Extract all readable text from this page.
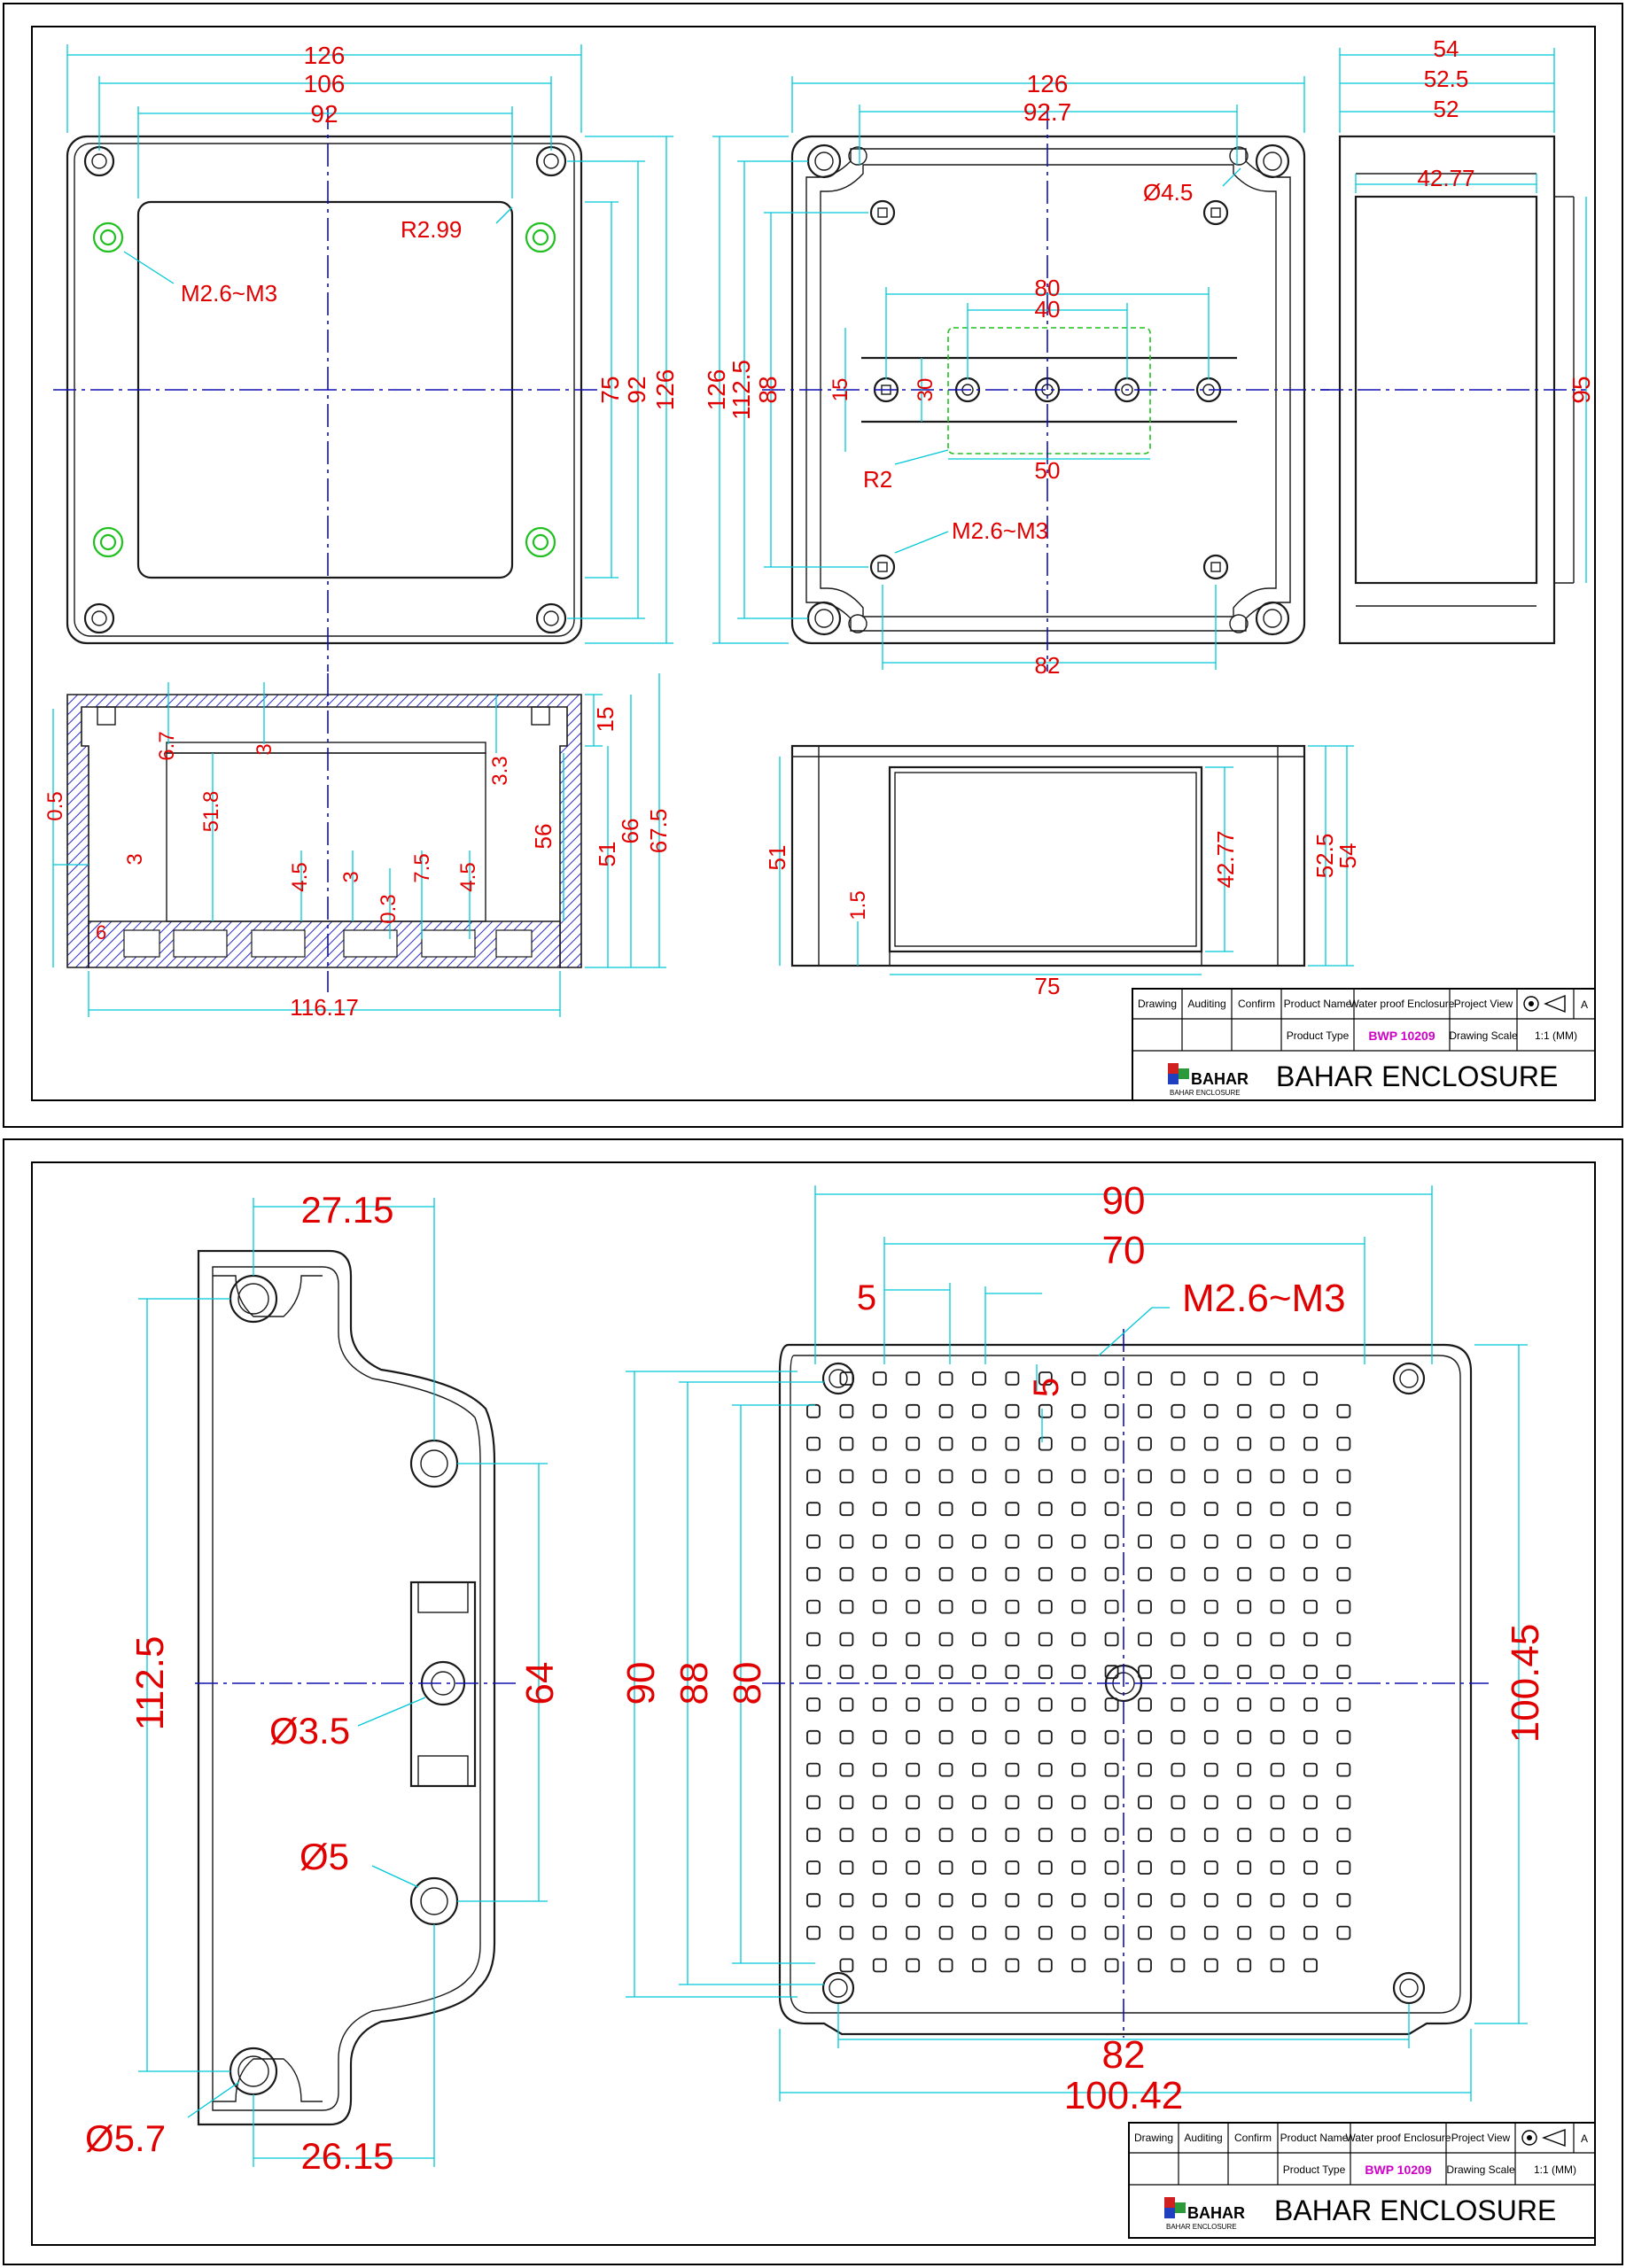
126
106
92
R2.99
M2.6~M3
75 92 126
126
92.7
Ø4.5
80
40
15	30
R2	50
M2.6~M3
82
126
112.5 88
54
52.5
52
42.77
95
6.7	3
51.8
0.5
3
6
4.5 3
0.3
7.5 4.5
3.3
15
56
51
66 67.5
116.17
51
1.5
42.77	52.5
54
75
Drawing Auditing Confirm Product Name
Water proof Enclosure Project View	A
Product Type BWP 10209 Drawing Scale 1:1 (MM)
BAHAR
BAHAR ENCLOSURE
BAHAR ENCLOSURE
27.15
112.5	64
Ø3.5
Ø5
Ø5.7	26.15
90
70
5	M2.6~M3
5
90 88 80	100.45
82
100.42
Drawing Auditing Confirm Product Name
Water proof Enclosure Project View	A
Product Type BWP 10209 Drawing Scale 1:1 (MM)
BAHAR
BAHAR ENCLOSURE
BAHAR ENCLOSURE
